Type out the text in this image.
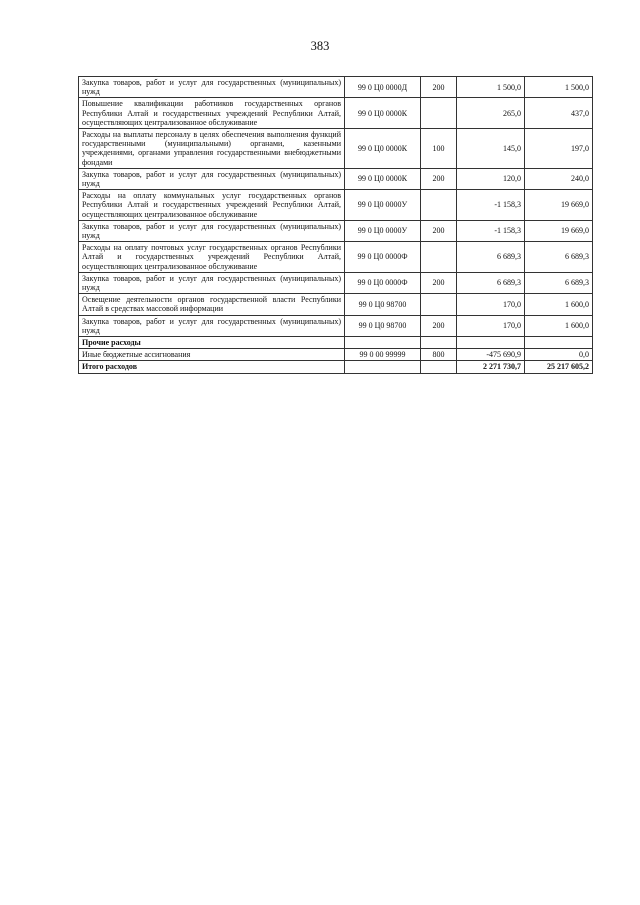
383
Закупка товаров, работ и услуг для государственных (муниципальных) нужд	99 0 Ц0 0000Д	200	1 500,0	1 500,0
Повышение квалификации работников государственных органов Республики Алтай и государственных учреждений Республики Алтай, осуществляющих централизованное обслуживание	99 0 Ц0 0000К		265,0	437,0
Расходы на выплаты персоналу в целях обеспечения выполнения функций государственными (муниципальными) органами, казенными учреждениями, органами управления государственными внебюджетными фондами	99 0 Ц0 0000К	100	145,0	197,0
Закупка товаров, работ и услуг для государственных (муниципальных) нужд	99 0 Ц0 0000К	200	120,0	240,0
Расходы на оплату коммунальных услуг государственных органов Республики Алтай и государственных учреждений Республики Алтай, осуществляющих централизованное обслуживание	99 0 Ц0 0000У		-1 158,3	19 669,0
Закупка товаров, работ и услуг для государственных (муниципальных) нужд	99 0 Ц0 0000У	200	-1 158,3	19 669,0
Расходы на оплату почтовых услуг государственных органов Республики Алтай и государственных учреждений Республики Алтай, осуществляющих централизованное обслуживание	99 0 Ц0 0000Ф		6 689,3	6 689,3
Закупка товаров, работ и услуг для государственных (муниципальных) нужд	99 0 Ц0 0000Ф	200	6 689,3	6 689,3
Освещение деятельности органов государственной власти Республики Алтай в средствах массовой информации	99 0 Ц0 98700		170,0	1 600,0
Закупка товаров, работ и услуг для государственных (муниципальных) нужд	99 0 Ц0 98700	200	170,0	1 600,0
Прочие расходы				
Иные бюджетные ассигнования	99 0 00 99999	800	-475 690,9	0,0
Итого расходов			2 271 730,7	25 217 605,2
